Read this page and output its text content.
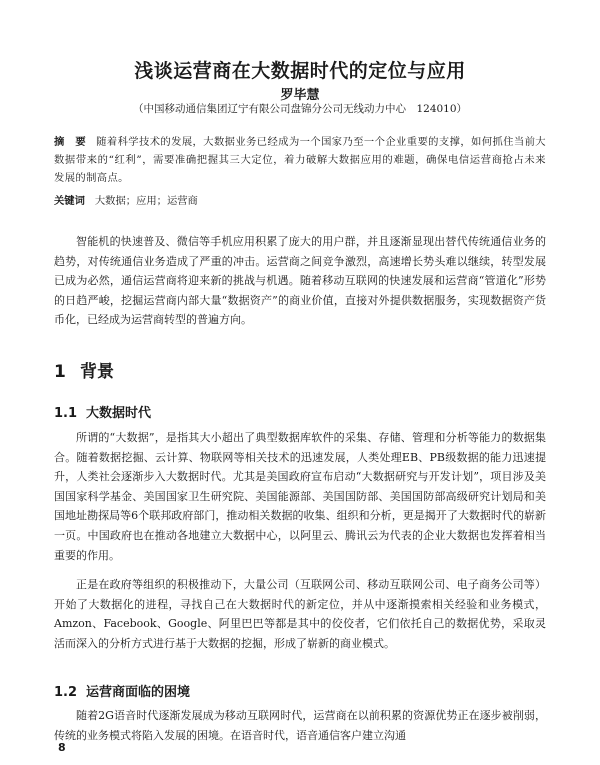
浅谈运营商在大数据时代的定位与应用
罗毕慧
（中国移动通信集团辽宁有限公司盘锦分公司无线动力中心　124010）
摘　要 随着科学技术的发展，大数据业务已经成为一个国家乃至一个企业重要的支撑，如何抓住当前大数据带来的“红利”，需要准确把握其三大定位，着力破解大数据应用的难题，确保电信运营商抢占未来发展的制高点。
关键词 大数据；应用；运营商

智能机的快速普及、微信等手机应用积累了庞大的用户群，并且逐渐显现出替代传统通信业务的趋势，对传统通信业务造成了严重的冲击。运营商之间竞争激烈，高速增长势头难以继续，转型发展已成为必然，通信运营商将迎来新的挑战与机遇。随着移动互联网的快速发展和运营商“管道化”形势的日趋严峻，挖掘运营商内部大量“数据资产”的商业价值，直接对外提供数据服务，实现数据资产货币化，已经成为运营商转型的普遍方向。

1 背景
1.1 大数据时代

所谓的“大数据”，是指其大小超出了典型数据库软件的采集、存储、管理和分析等能力的数据集合。随着数据挖掘、云计算、物联网等相关技术的迅速发展，人类处理EB、PB级数据的能力迅速提升，人类社会逐渐步入大数据时代。尤其是美国政府宣布启动“大数据研究与开发计划”，项目涉及美国国家科学基金、美国国家卫生研究院、美国能源部、美国国防部、美国国防部高级研究计划局和美国地址勘探局等6个联邦政府部门，推动相关数据的收集、组织和分析，更是揭开了大数据时代的崭新一页。中国政府也在推动各地建立大数据中心，以阿里云、腾讯云为代表的企业大数据也发挥着相当重要的作用。

正是在政府等组织的积极推动下，大量公司（互联网公司、移动互联网公司、电子商务公司等）开始了大数据化的进程，寻找自己在大数据时代的新定位，并从中逐渐摸索相关经验和业务模式，Amzon、Facebook、Google、阿里巴巴等都是其中的佼佼者，它们依托自己的数据优势，采取灵活而深入的分析方式进行基于大数据的挖掘，形成了崭新的商业模式。

1.2 运营商面临的困境

随着2G语音时代逐渐发展成为移动互联网时代，运营商在以前积累的资源优势正在逐步被削弱，传统的业务模式将陷入发展的困境。在语音时代，语音通信客户建立沟通

8
